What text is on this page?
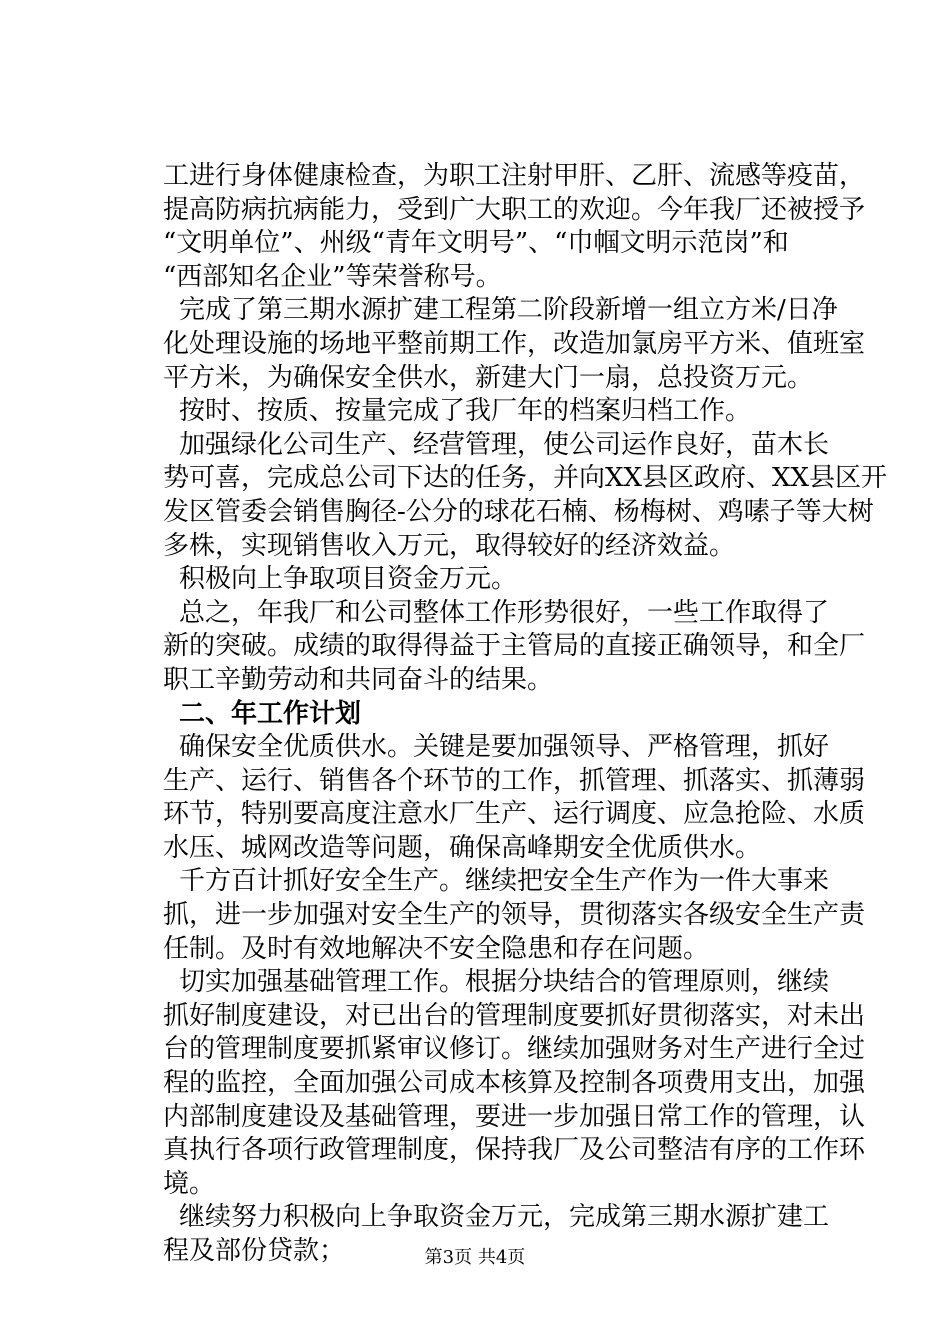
工进行身体健康检查，为职工注射甲肝、乙肝、流感等疫苗，
提高防病抗病能力，受到广大职工的欢迎。今年我厂还被授予
“文明单位”、州级“青年文明号”、“巾帼文明示范岗”和
“西部知名企业”等荣誉称号。
完成了第三期水源扩建工程第二阶段新增一组立方米/日净
化处理设施的场地平整前期工作，改造加氯房平方米、值班室
平方米，为确保安全供水，新建大门一扇，总投资万元。
按时、按质、按量完成了我厂年的档案归档工作。
加强绿化公司生产、经营管理，使公司运作良好，苗木长
势可喜，完成总公司下达的任务，并向XX县区政府、XX县区开
发区管委会销售胸径-公分的球花石楠、杨梅树、鸡嗉子等大树
多株，实现销售收入万元，取得较好的经济效益。
积极向上争取项目资金万元。
总之，年我厂和公司整体工作形势很好，一些工作取得了
新的突破。成绩的取得得益于主管局的直接正确领导，和全厂
职工辛勤劳动和共同奋斗的结果。
二、年工作计划
确保安全优质供水。关键是要加强领导、严格管理，抓好
生产、运行、销售各个环节的工作，抓管理、抓落实、抓薄弱
环节，特别要高度注意水厂生产、运行调度、应急抢险、水质
水压、城网改造等问题，确保高峰期安全优质供水。
千方百计抓好安全生产。继续把安全生产作为一件大事来
抓，进一步加强对安全生产的领导，贯彻落实各级安全生产责
任制。及时有效地解决不安全隐患和存在问题。
切实加强基础管理工作。根据分块结合的管理原则，继续
抓好制度建设，对已出台的管理制度要抓好贯彻落实，对未出
台的管理制度要抓紧审议修订。继续加强财务对生产进行全过
程的监控，全面加强公司成本核算及控制各项费用支出，加强
内部制度建设及基础管理，要进一步加强日常工作的管理，认
真执行各项行政管理制度，保持我厂及公司整洁有序的工作环
境。
继续努力积极向上争取资金万元，完成第三期水源扩建工
程及部份贷款；	第3页 共4页
